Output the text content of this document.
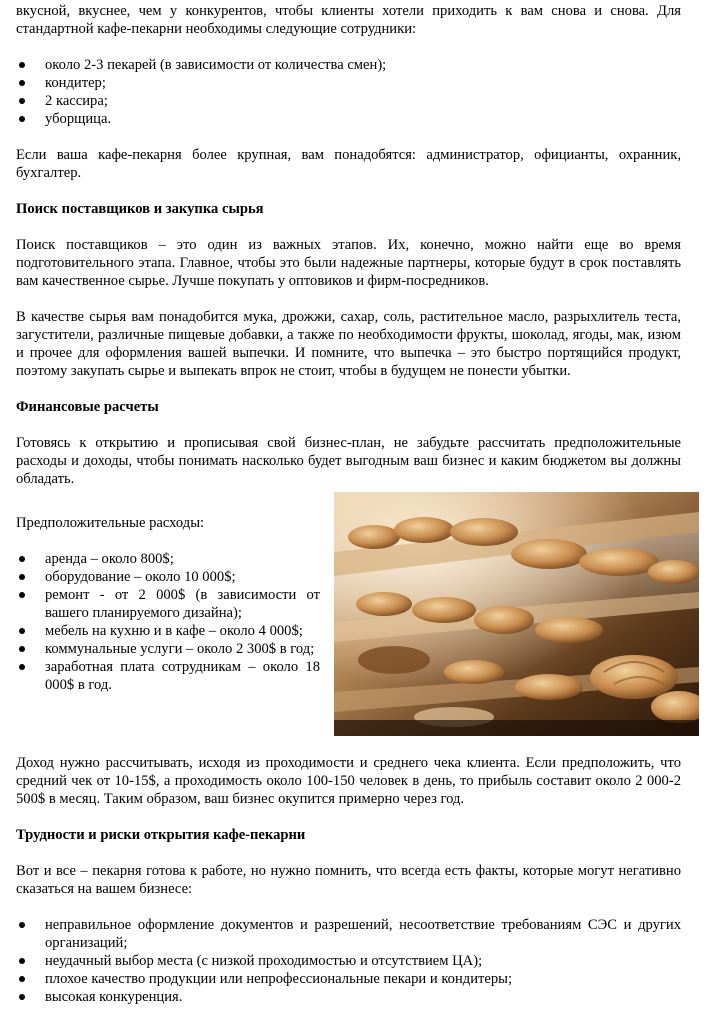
вкусной, вкуснее, чем у конкурентов, чтобы клиенты хотели приходить к вам снова и снова. Для стандартной кафе-пекарни необходимы следующие сотрудники:

около 2-3 пекарей (в зависимости от количества смен);
кондитер;
2 кассира;
уборщица.

Если ваша кафе-пекарня более крупная, вам понадобятся: администратор, официанты, охранник, бухгалтер.

Поиск поставщиков и закупка сырья

Поиск поставщиков – это один из важных этапов. Их, конечно, можно найти еще во время подготовительного этапа. Главное, чтобы это были надежные партнеры, которые будут в срок поставлять вам качественное сырье. Лучше покупать у оптовиков и фирм-посредников.

В качестве сырья вам понадобится мука, дрожжи, сахар, соль, растительное масло, разрыхлитель теста, загустители, различные пищевые добавки, а также по необходимости фрукты, шоколад, ягоды, мак, изюм и прочее для оформления вашей выпечки. И помните, что выпечка – это быстро портящийся продукт, поэтому закупать сырье и выпекать впрок не стоит, чтобы в будущем не понести убытки.

Финансовые расчеты

Готовясь к открытию и прописывая свой бизнес-план, не забудьте рассчитать предположительные расходы и доходы, чтобы понимать насколько будет выгодным ваш бизнес и каким бюджетом вы должны обладать.

Предположительные расходы:

аренда – около 800$;
оборудование – около 10 000$;
ремонт - от 2 000$ (в зависимости от вашего планируемого дизайна);
мебель на кухню и в кафе – около 4 000$;
коммунальные услуги – около 2 300$ в год;
заработная плата сотрудникам – около 18 000$ в год.

Доход нужно рассчитывать, исходя из проходимости и среднего чека клиента. Если предположить, что средний чек от 10-15$, а проходимость около 100-150 человек в день, то прибыль составит около 2 000-2 500$ в месяц. Таким образом, ваш бизнес окупится примерно через год.

Трудности и риски открытия кафе-пекарни

Вот и все – пекарня готова к работе, но нужно помнить, что всегда есть факты, которые могут негативно сказаться на вашем бизнесе:

неправильное оформление документов и разрешений, несоответствие требованиям СЭС и других организаций;
неудачный выбор места (с низкой проходимостью и отсутствием ЦА);
плохое качество продукции или непрофессиональные пекари и кондитеры;
высокая конкуренция.
